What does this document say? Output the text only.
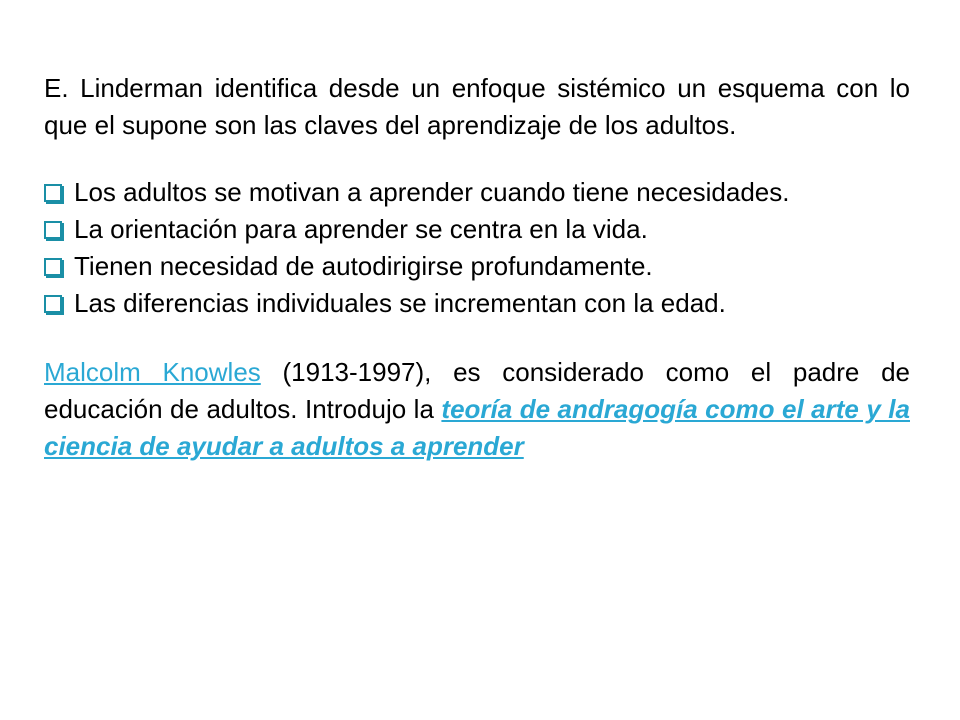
E. Linderman identifica desde un enfoque sistémico un esquema con lo que el supone son las claves del aprendizaje de los adultos.

Los adultos se motivan a aprender cuando tiene necesidades.
La orientación para aprender se centra en la vida.
Tienen necesidad de autodirigirse profundamente.
Las diferencias individuales se incrementan con la edad.

Malcolm Knowles (1913-1997), es considerado como el padre de educación de adultos. Introdujo la teoría de andragogía como el arte y la ciencia de ayudar a adultos a aprender
